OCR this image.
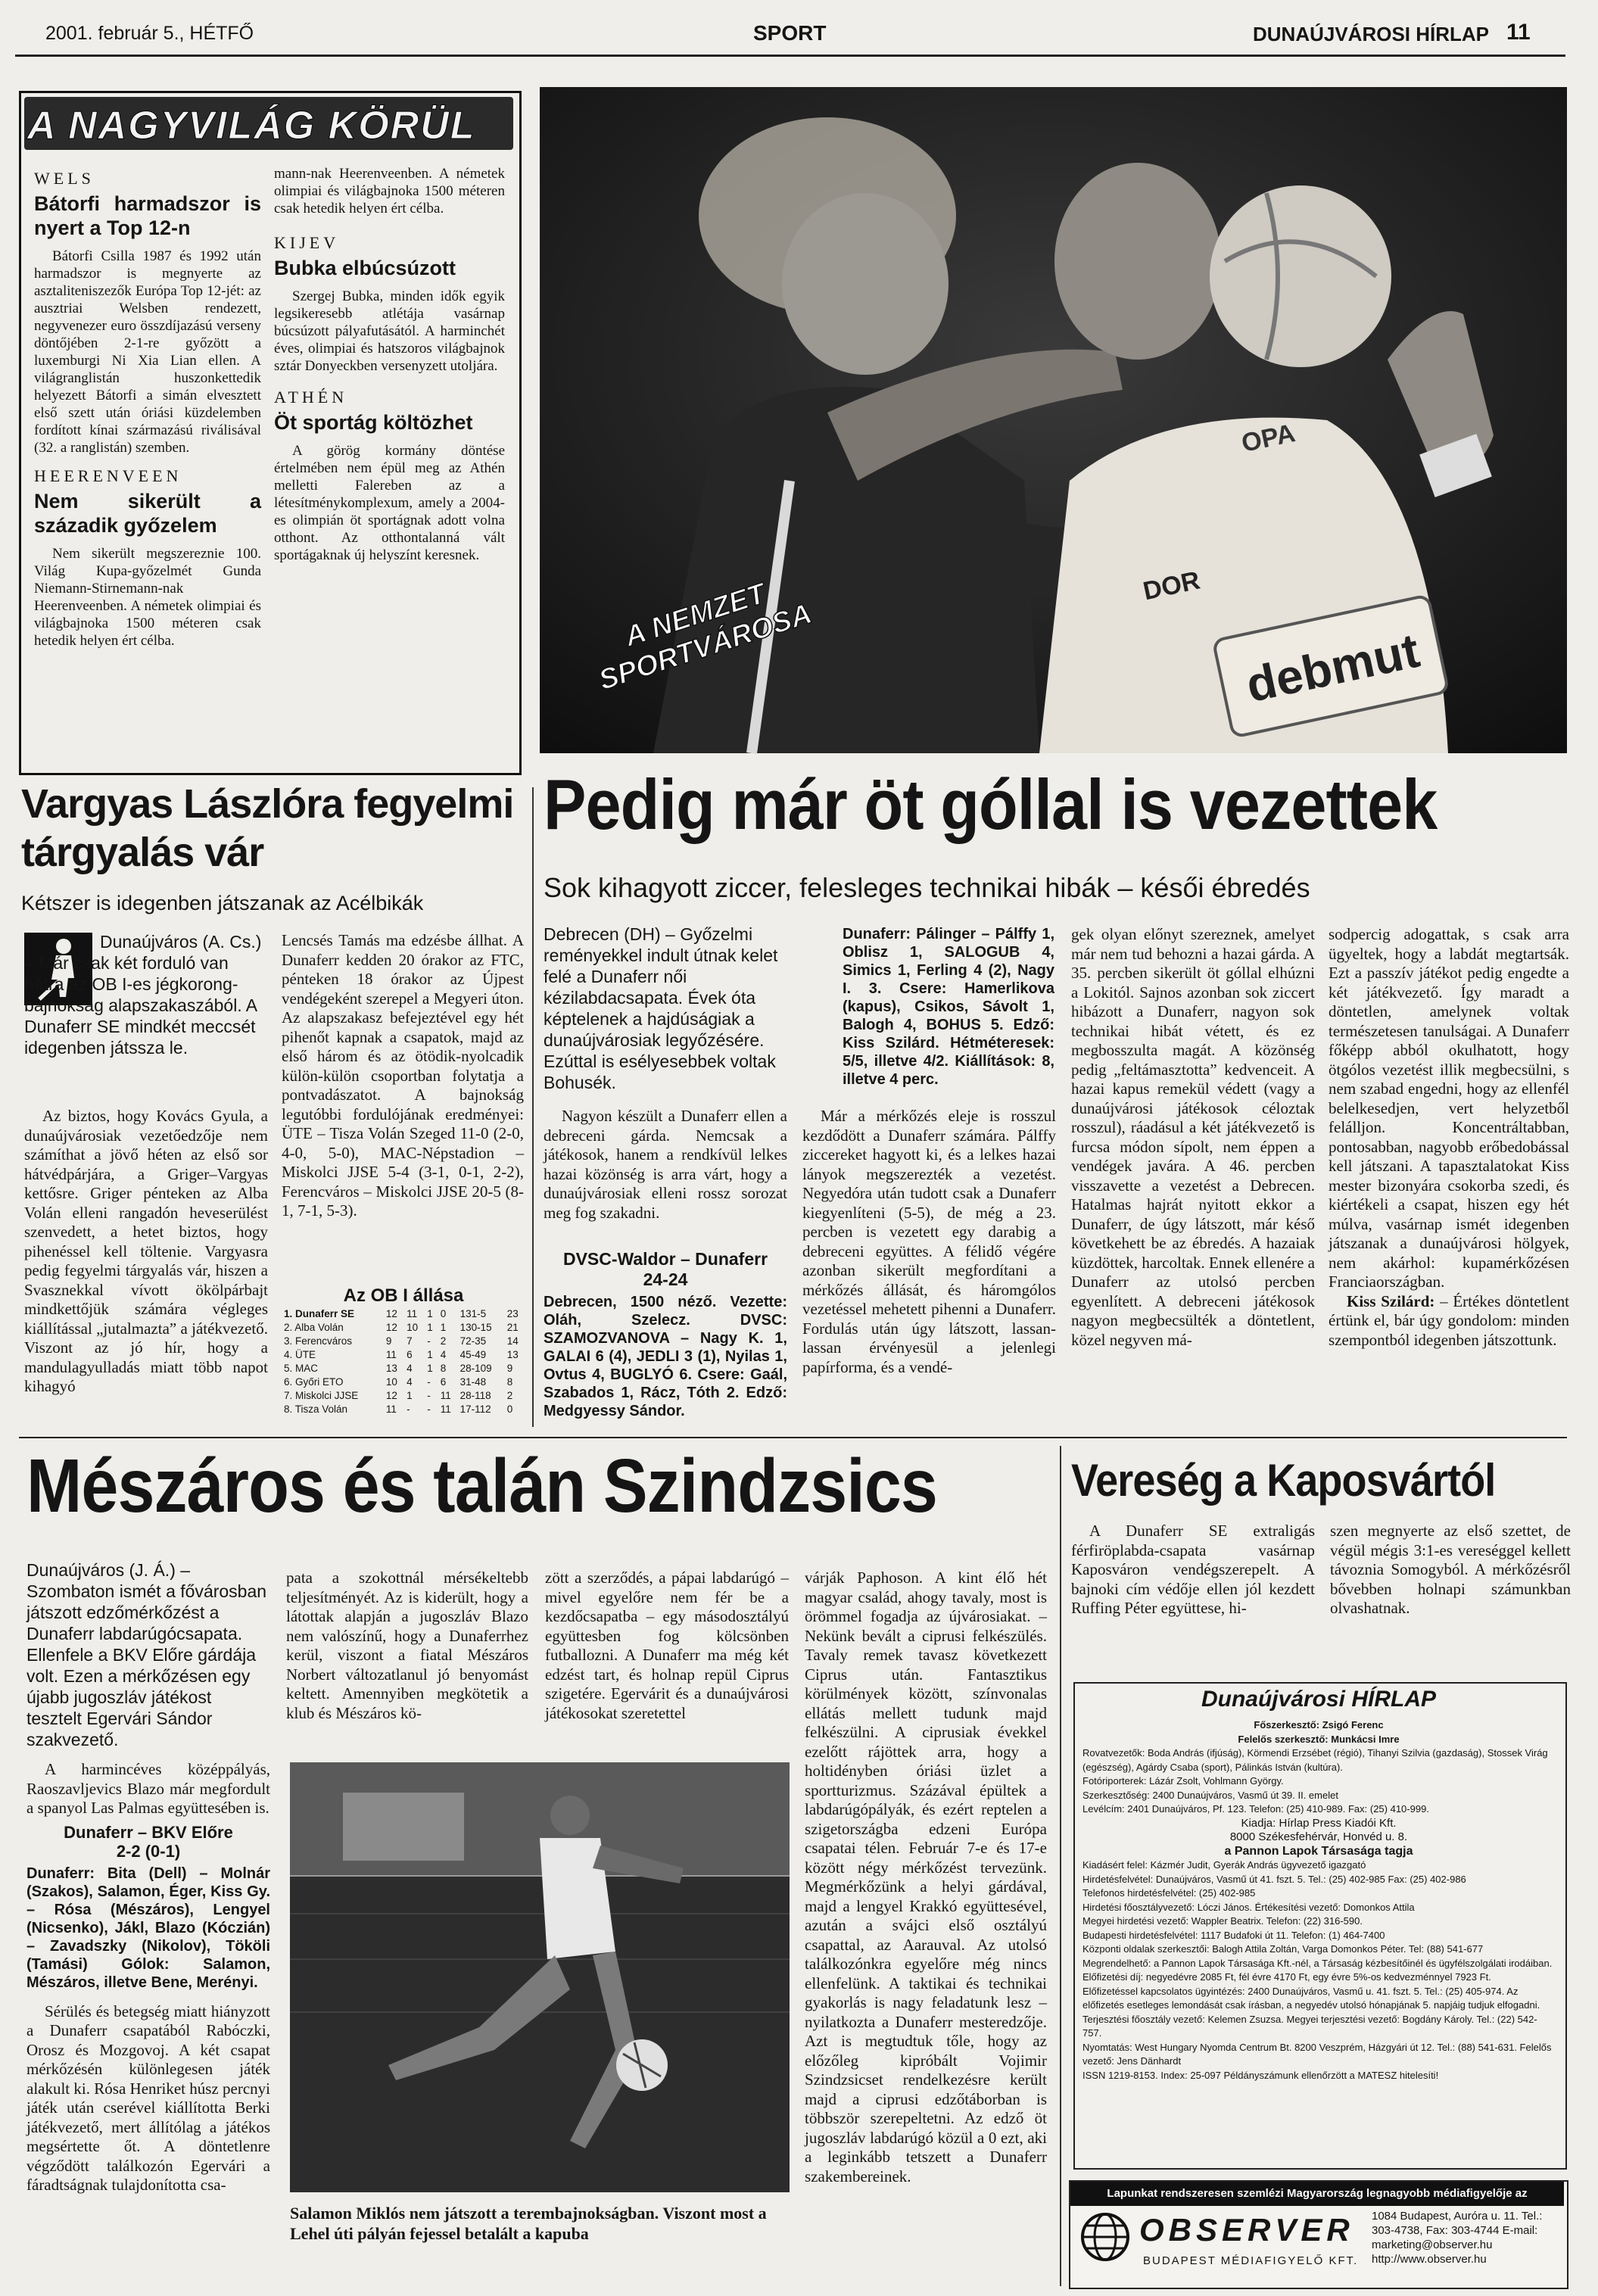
2001. február 5., HÉTFŐ	SPORT	DUNAÚJVÁROSI HÍRLAP 11
A NAGYVILÁG KÖRÜL
WELS
Bátorfi harmadszor is nyert a Top 12-n

Bátorfi Csilla 1987 és 1992 után harmadszor is megnyerte az asztaliteniszezők Európa Top 12-jét: az ausztriai Welsben rendezett, negyvenezer euro összdíjazású verseny döntőjében 2-1-re győzött a luxemburgi Ni Xia Lian ellen. A világranglistán huszonkettedik helyezett Bátorfi a simán elvesztett első szett után óriási küzdelemben fordított kínai származású riválisával (32. a ranglistán) szemben.

HEERENVEEN
Nem sikerült a századik győzelem

Nem sikerült megszereznie 100. Világ Kupa-győzelmét Gunda Niemann-Stirnemann-nak Heerenveenben. A németek olimpiai és világbajnoka 1500 méteren csak hetedik helyen ért célba.

mann-nak Heerenveenben. A németek olimpiai és világbajnoka 1500 méteren csak hetedik helyen ért célba.
KIJEV
Bubka elbúcsúzott

Szergej Bubka, minden idők egyik legsikeresebb atlétája vasárnap búcsúzott pályafutásától. A harminchét éves, olimpiai és hatszoros világbajnok sztár Donyeckben versenyzett utoljára.

ATHÉN
Öt sportág költözhet

A görög kormány döntése értelmében nem épül meg az Athén melletti Falereben az a létesítménykomplexum, amely a 2004-es olimpián öt sportágnak adott volna otthont. Az otthontalanná vált sportágaknak új helyszínt keresnek.

OPA
DOR
debmut
A NEMZET SPORTVÁROSA
Vargyas Lászlóra fegyelmi tárgyalás vár
Kétszer is idegenben játszanak az Acélbikák
Dunaújváros (A. Cs.) – Már csak két forduló van hátra az OB I-es jégkorong-bajnokság alapszakaszából. A Dunaferr SE mindkét meccsét idegenben játssza le.
Az biztos, hogy Kovács Gyula, a dunaújvárosiak vezetőedzője nem számíthat a jövő héten az első sor hátvédpárjára, a Griger–Vargyas kettősre. Griger pénteken az Alba Volán elleni rangadón heveserülést szenvedett, a hetet biztos, hogy pihenéssel kell töltenie. Vargyasra pedig fegyelmi tárgyalás vár, hiszen a Svasznekkal vívott ökölpárbajt mindkettőjük számára végleges kiállítással „jutalmazta” a játékvezető. Viszont az jó hír, hogy a mandulagyulladás miatt több napot kihagyó
Lencsés Tamás ma edzésbe állhat. A Dunaferr kedden 20 órakor az FTC, pénteken 18 órakor az Újpest vendégeként szerepel a Megyeri úton. Az alapszakasz befejeztével egy hét pihenőt kapnak a csapatok, majd az első három és az ötödik-nyolcadik külön-külön csoportban folytatja a pontvadászatot. A bajnokság legutóbbi fordulójának eredményei: ÜTE – Tisza Volán Szeged 11-0 (2-0, 4-0, 5-0), MAC-Népstadion – Miskolci JJSE 5-4 (3-1, 0-1, 2-2), Ferencváros – Miskolci JJSE 20-5 (8-1, 7-1, 5-3).
Az OB I állása
1. Dunaferr SE	12	11	1	0	131-5	23
2. Alba Volán	12	10	1	1	130-15	21
3. Ferencváros	9	7	-	2	72-35	14
4. ÜTE	11	6	1	4	45-49	13
5. MAC	13	4	1	8	28-109	9
6. Győri ETO	10	4	-	6	31-48	8
7. Miskolci JJSE	12	1	-	11	28-118	2
8. Tisza Volán	11	-	-	11	17-112	0
Pedig már öt góllal is vezettek
Sok kihagyott ziccer, felesleges technikai hibák – késői ébredés
Debrecen (DH) – Győzelmi reményekkel indult útnak kelet felé a Dunaferr női kézilabdacsapata. Évek óta képtelenek a hajdúságiak a dunaújvárosiak legyőzésére. Ezúttal is esélyesebbek voltak Bohusék.
Nagyon készült a Dunaferr ellen a debreceni gárda. Nemcsak a játékosok, hanem a rendkívül lelkes hazai közönség is arra várt, hogy a dunaújvárosiak elleni rossz sorozat meg fog szakadni.
DVSC-Waldor – Dunaferr
24-24
Debrecen, 1500 néző. Vezette: Oláh, Szelecz. DVSC: SZAMOZVANOVA – Nagy K. 1, GALAI 6 (4), JEDLI 3 (1), Nyilas 1, Ovtus 4, BUGLYÓ 6. Csere: Gaál, Szabados 1, Rácz, Tóth 2. Edző: Medgyessy Sándor.
Dunaferr: Pálinger – Pálffy 1, Oblisz 1, SALOGUB 4, Simics 1, Ferling 4 (2), Nagy I. 3. Csere: Hamerlikova (kapus), Csikos, Sávolt 1, Balogh 4, BOHUS 5. Edző: Kiss Szilárd. Hétméteresek: 5/5, illetve 4/2. Kiállítások: 8, illetve 4 perc.
Már a mérkőzés eleje is rosszul kezdődött a Dunaferr számára. Pálffy ziccereket hagyott ki, és a lelkes hazai lányok megszerezték a vezetést. Negyedóra után tudott csak a Dunaferr kiegyenlíteni (5-5), de még a 23. percben is vezetett egy darabig a debreceni együttes. A félidő végére azonban sikerült megfordítani a mérkőzés állását, és háromgólos vezetéssel mehetett pihenni a Dunaferr. Fordulás után úgy látszott, lassan-lassan érvényesül a jelenlegi papírforma, és a vendé-
gek olyan előnyt szereznek, amelyet már nem tud behozni a hazai gárda. A 35. percben sikerült öt góllal elhúzni a Lokitól. Sajnos azonban sok ziccert hibázott a Dunaferr, nagyon sok technikai hibát vétett, és ez megbosszulta magát. A közönség pedig „feltámasztotta” kedvenceit. A hazai kapus remekül védett (vagy a dunaújvárosi játékosok céloztak rosszul), ráadásul a két játékvezető is furcsa módon sípolt, nem éppen a vendégek javára. A 46. percben visszavette a vezetést a Debrecen. Hatalmas hajrát nyitott ekkor a Dunaferr, de úgy látszott, már késő követkehett be az ébredés. A hazaiak küzdöttek, harcoltak. Ennek ellenére a Dunaferr az utolsó percben egyenlített. A debreceni játékosok nagyon megbecsülték a döntetlent, közel negyven má-
sodpercig adogattak, s csak arra ügyeltek, hogy a labdát megtartsák. Ezt a passzív játékot pedig engedte a két játékvezető. Így maradt a döntetlen, amelynek voltak természetesen tanulságai. A Dunaferr főképp abból okulhatott, hogy ötgólos vezetést illik megbecsülni, s nem szabad engedni, hogy az ellenfél belelkesedjen, vert helyzetből felálljon. Koncentráltabban, pontosabban, nagyobb erőbedobással kell játszani. A tapasztalatokat Kiss mester bizonyára csokorba szedi, és kiértékeli a csapat, hiszen egy hét múlva, vasárnap ismét idegenben játszanak a dunaújvárosi hölgyek, nem akárhol: kupamérkőzésen Franciaországban.
Kiss Szilárd: – Értékes döntetlent értünk el, bár úgy gondolom: minden szempontból idegenben játszottunk.
Mészáros és talán Szindzsics
Dunaújváros (J. Á.) – Szombaton ismét a fővárosban játszott edzőmérkőzést a Dunaferr labdarúgócsapata. Ellenfele a BKV Előre gárdája volt. Ezen a mérkőzésen egy újabb jugoszláv játékost tesztelt Egervári Sándor szakvezető.

A harmincéves középpályás, Raoszavljevics Blazo már megfordult a spanyol Las Palmas együttesében is.

Dunaferr – BKV Előre
2-2 (0-1)
Dunaferr: Bita (Dell) – Molnár (Szakos), Salamon, Éger, Kiss Gy. – Rósa (Mészáros), Lengyel (Nicsenko), Jákl, Blazo (Kóczián) – Zavadszky (Nikolov), Tököli (Tamási) Gólok: Salamon, Mészáros, illetve Bene, Merényi.

Sérülés és betegség miatt hiányzott a Dunaferr csapatából Rabóczki, Orosz és Mozgovoj. A két csapat mérkőzésén különlegesen játék alakult ki. Rósa Henriket húsz percnyi játék után cserével kiállította Berki játékvezető, mert állítólag a játékos megsértette őt. A döntetlenre végződött találkozón Egervári a fáradtságnak tulajdonította csa-

pata a szokottnál mérsékeltebb teljesítményét. Az is kiderült, hogy a látottak alapján a jugoszláv Blazo nem valószínű, hogy a Dunaferrhez kerül, viszont a fiatal Mészáros Norbert változatlanul jó benyomást keltett. Amennyiben megkötetik a klub és Mészáros kö-
zött a szerződés, a pápai labdarúgó – mivel egyelőre nem fér be a kezdőcsapatba – egy másodosztályú együttesben fog kölcsönben futballozni. A Dunaferr ma még két edzést tart, és holnap repül Ciprus szigetére. Egervárit és a dunaújvárosi játékosokat szeretettel
várják Paphoson. A kint élő hét magyar család, ahogy tavaly, most is örömmel fogadja az újvárosiakat. – Nekünk bevált a ciprusi felkészülés. Tavaly remek tavasz következett Ciprus után. Fantasztikus körülmények között, színvonalas ellátás mellett tudunk majd felkészülni. A ciprusiak évekkel ezelőtt rájöttek arra, hogy a holtidényben óriási üzlet a sportturizmus. Százával épültek a labdarúgópályák, és ezért reptelen a szigetországba edzeni Európa csapatai télen. Február 7-e és 17-e között négy mérkőzést tervezünk. Megmérkőzünk a helyi gárdával, majd a lengyel Krakkó együttesével, azután a svájci első osztályú csapattal, az Aarauval. Az utolsó találkozónkra egyelőre még nincs ellenfelünk. A taktikai és technikai gyakorlás is nagy feladatunk lesz – nyilatkozta a Dunaferr mesteredzője. Azt is megtudtuk tőle, hogy az előzőleg kipróbált Vojimir Szindzsicset rendelkezésre került majd a ciprusi edzőtáborban is többször szerepeltetni. Az edző öt jugoszláv labdarúgó közül a 0 ezt, aki a leginkább tetszett a Dunaferr szakembereinek.
Salamon Miklós nem játszott a terembajnokságban. Viszont most a Lehel úti pályán fejessel betalált a kapuba
Vereség a Kaposvártól
A Dunaferr SE extraligás férfiröplabda-csapata vasárnap Kaposváron vendégszerepelt. A bajnoki cím védője ellen jól kezdett Ruffing Péter együttese, hi-
szen megnyerte az első szettet, de végül mégis 3:1-es vereséggel kellett távoznia Somogyból. A mérkőzésről bővebben holnapi számunkban olvashatnak.
Dunaújvárosi HÍRLAP
Főszerkesztő: Zsigó Ferenc
Felelős szerkesztő: Munkácsi Imre
Rovatvezetők: Boda András (ifjúság), Körmendi Erzsébet (régió), Tihanyi Szilvia (gazdaság), Stossek Virág (egészség), Agárdy Csaba (sport), Pálinkás István (kultúra).
Fotóriporterek: Lázár Zsolt, Vohlmann György.
Szerkesztőség: 2400 Dunaújváros, Vasmű út 39. II. emelet
Levélcím: 2401 Dunaújváros, Pf. 123. Telefon: (25) 410-989. Fax: (25) 410-999.
Kiadja: Hírlap Press Kiadói Kft.
8000 Székesfehérvár, Honvéd u. 8.
a Pannon Lapok Társasága tagja
Kiadásért felel: Kázmér Judit, Gyerák András ügyvezető igazgató
Hirdetésfelvétel: Dunaújváros, Vasmű út 41. fszt. 5. Tel.: (25) 402-985 Fax: (25) 402-986
Telefonos hirdetésfelvétel: (25) 402-985
Hirdetési főosztályvezető: Lóczi János. Értékesítési vezető: Domonkos Attila
Megyei hirdetési vezető: Wappler Beatrix. Telefon: (22) 316-590.
Budapesti hirdetésfelvétel: 1117 Budafoki út 11. Telefon: (1) 464-7400
Központi oldalak szerkesztői: Balogh Attila Zoltán, Varga Domonkos Péter. Tel: (88) 541-677
Megrendelhető: a Pannon Lapok Társasága Kft.-nél, a Társaság kézbesítőinél és ügyfélszolgálati irodáiban. Előfizetési díj: negyedévre 2085 Ft, fél évre 4170 Ft, egy évre 5%-os kedvezménnyel 7923 Ft.
Előfizetéssel kapcsolatos ügyintézés: 2400 Dunaújváros, Vasmű u. 41. fszt. 5. Tel.: (25) 405-974. Az előfizetés esetleges lemondását csak írásban, a negyedév utolsó hónapjának 5. napjáig tudjuk elfogadni.
Terjesztési főosztály vezető: Kelemen Zsuzsa. Megyei terjesztési vezető: Bogdány Károly. Tel.: (22) 542-757.
Nyomtatás: West Hungary Nyomda Centrum Bt. 8200 Veszprém, Házgyári út 12. Tel.: (88) 541-631. Felelős vezető: Jens Dänhardt
ISSN 1219-8153. Index: 25-097 Példányszámunk ellenőrzött a MATESZ hitelesíti!
Lapunkat rendszeresen szemlézi Magyarország legnagyobb médiafigyelője az
OBSERVER
BUDAPEST MÉDIAFIGYELŐ KFT.
1084 Budapest, Auróra u. 11. Tel.: 303-4738, Fax: 303-4744 E-mail: marketing@observer.hu http://www.observer.hu
